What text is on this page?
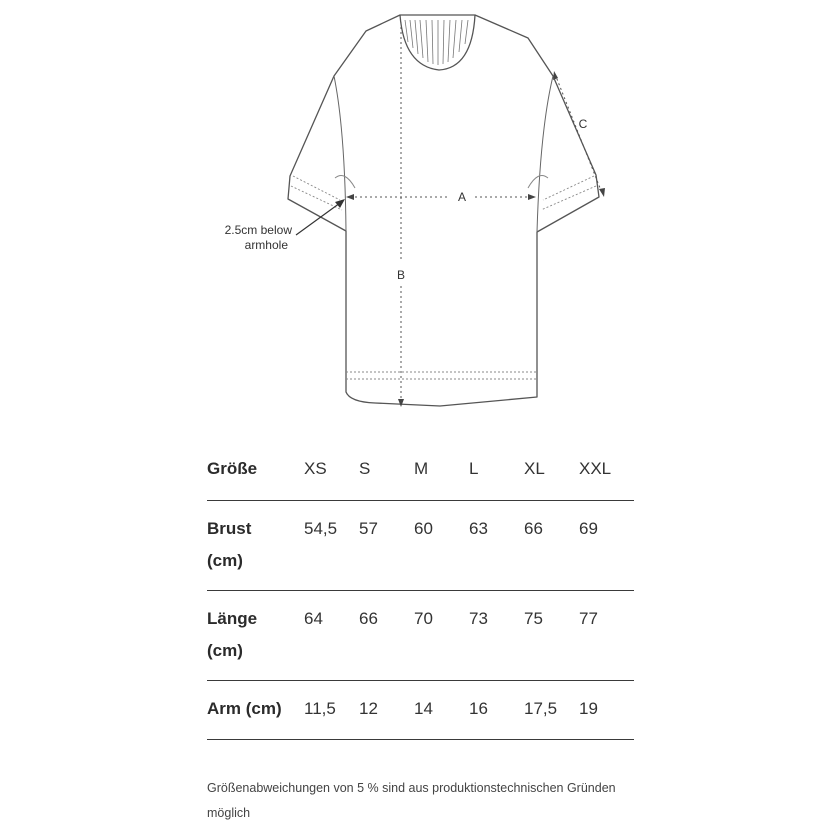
A
B
C
2.5cm below
armhole
Größe	XS	S	M	L	XL	XXL
Brust
(cm)	54,5	57	60	63	66	69
Länge
(cm)	64	66	70	73	75	77
Arm (cm)	11,5	12	14	16	17,5	19
Größenabweichungen von 5 % sind aus produktionstechnischen Gründen möglich
